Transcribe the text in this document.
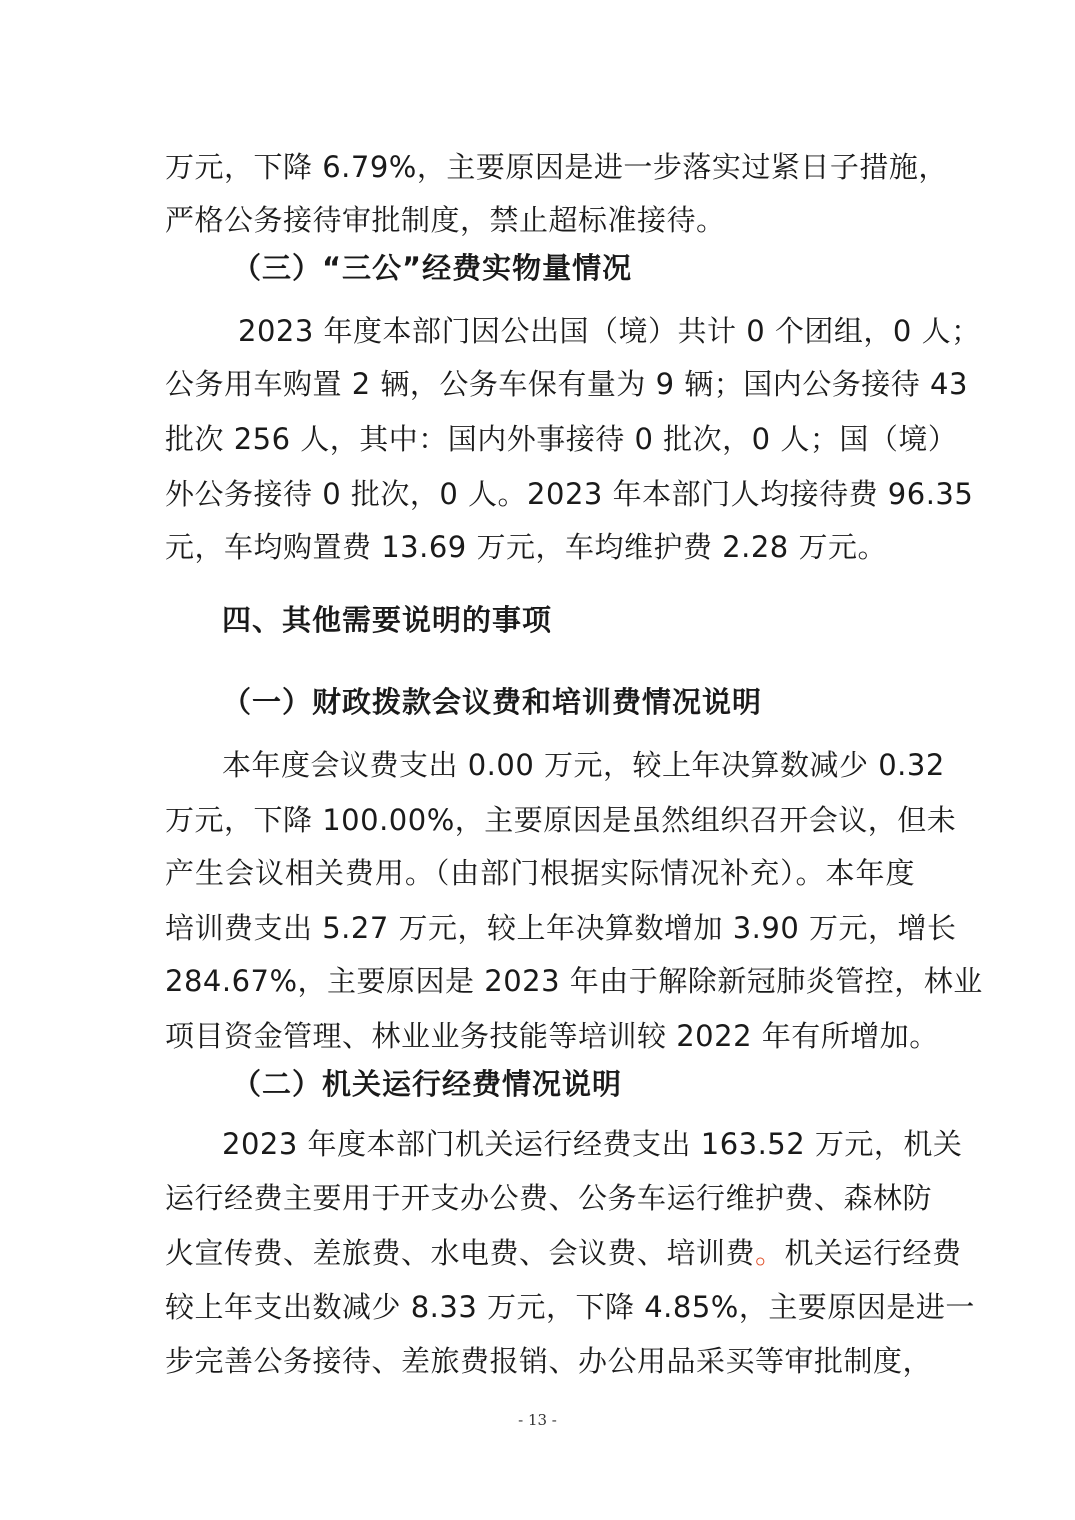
万元，下降 6.79%，主要原因是进一步落实过紧日子措施，
严格公务接待审批制度，禁止超标准接待。
（三）“三公”经费实物量情况
2023 年度本部门因公出国（境）共计 0 个团组，0 人；
公务用车购置 2 辆，公务车保有量为 9 辆；国内公务接待 43
批次 256 人，其中：国内外事接待 0 批次，0 人；国（境）
外公务接待 0 批次，0 人。2023 年本部门人均接待费 96.35
元，车均购置费 13.69 万元，车均维护费 2.28 万元。
四、其他需要说明的事项
（一）财政拨款会议费和培训费情况说明
本年度会议费支出 0.00 万元，较上年决算数减少 0.32
万元，下降 100.00%，主要原因是虽然组织召开会议，但未
产生会议相关费用。（由部门根据实际情况补充）。本年度
培训费支出 5.27 万元，较上年决算数增加 3.90 万元，增长
284.67%，主要原因是 2023 年由于解除新冠肺炎管控，林业
项目资金管理、林业业务技能等培训较 2022 年有所增加。
（二）机关运行经费情况说明
2023 年度本部门机关运行经费支出 163.52 万元，机关
运行经费主要用于开支办公费、公务车运行维护费、森林防
火宣传费、差旅费、水电费、会议费、培训费。机关运行经费
较上年支出数减少 8.33 万元，下降 4.85%，主要原因是进一
步完善公务接待、差旅费报销、办公用品采买等审批制度，
- 13 -
